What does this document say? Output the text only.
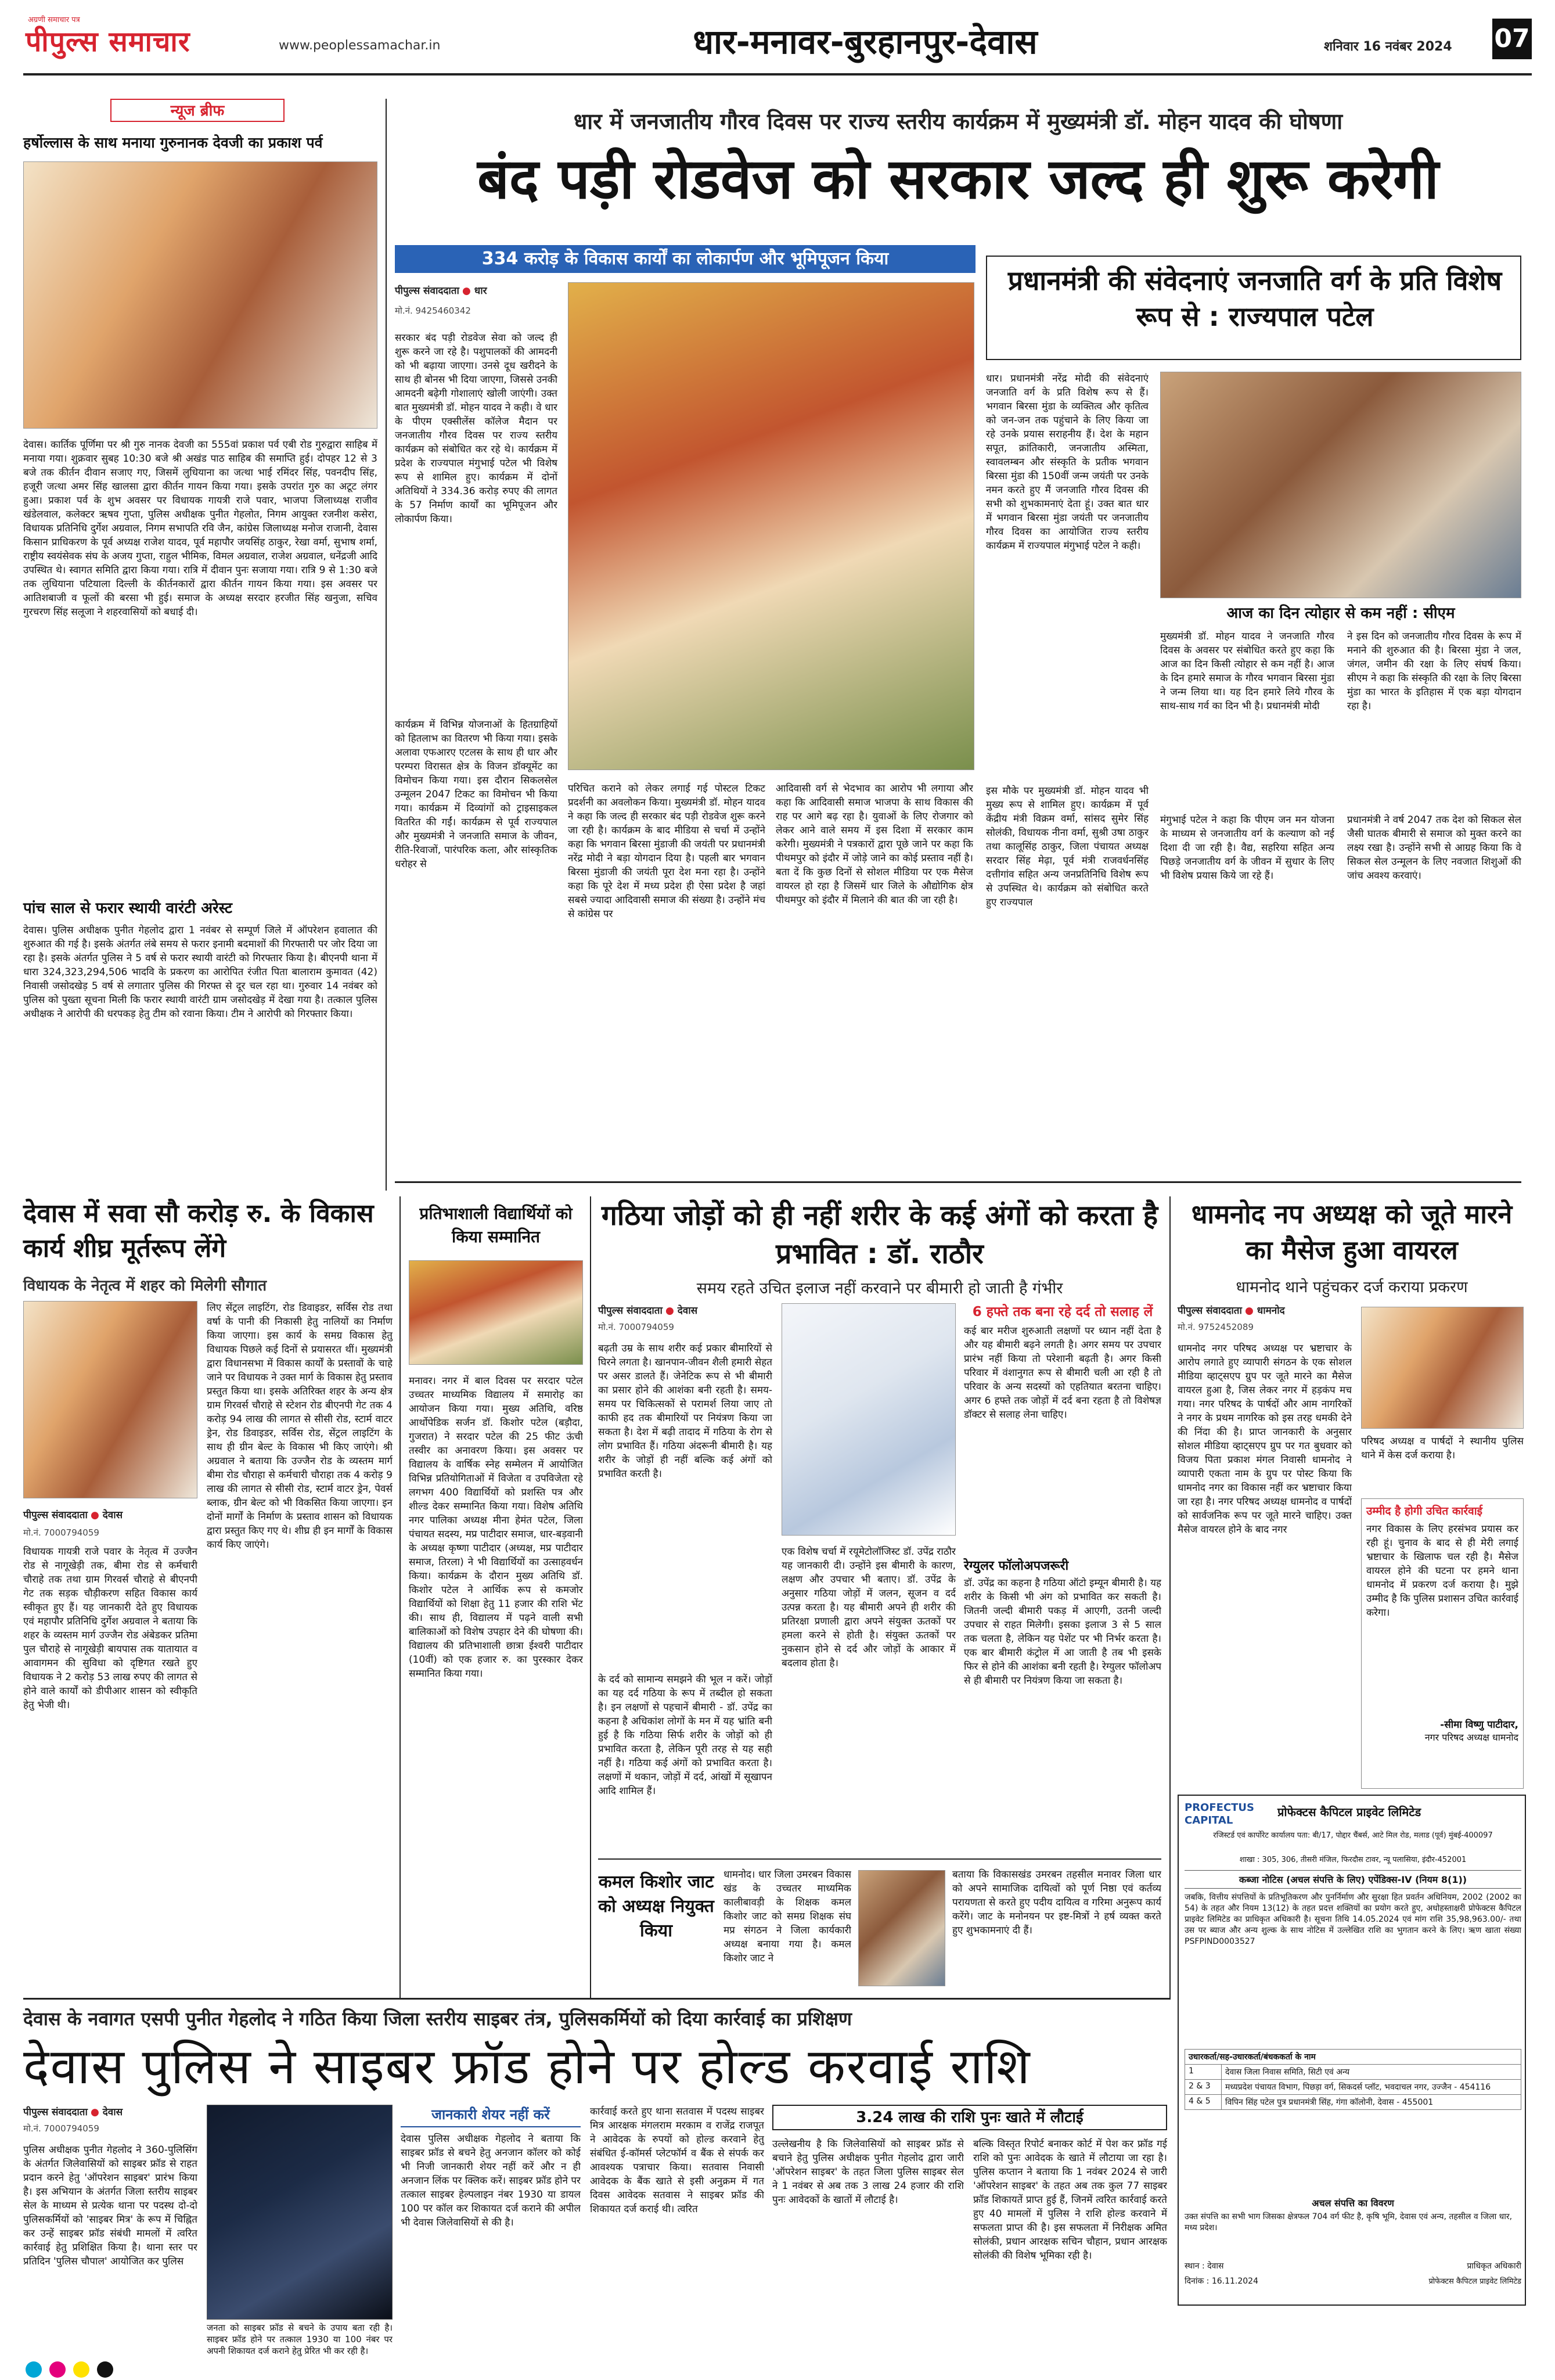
अग्रणी समाचार पत्र
पीपुल्स समाचार	www.peoplessamachar.in	धार-मनावर-बुरहानपुर-देवास	शनिवार 16 नवंबर 2024 07
न्यूज ब्रीफ
हर्षोल्लास के साथ मनाया गुरुनानक देवजी का प्रकाश पर्व
देवास। कार्तिक पूर्णिमा पर श्री गुरु नानक देवजी का 555वां प्रकाश पर्व एबी रोड गुरुद्वारा साहिब में मनाया गया। शुक्रवार सुबह 10:30 बजे श्री अखंड पाठ साहिब की समाप्ति हुई। दोपहर 12 से 3 बजे तक कीर्तन दीवान सजाए गए, जिसमें लुधियाना का जत्था भाई रमिंदर सिंह, पवनदीप सिंह, हजूरी जत्था अमर सिंह खालसा द्वारा कीर्तन गायन किया गया। इसके उपरांत गुरु का अटूट लंगर हुआ। प्रकाश पर्व के शुभ अवसर पर विधायक गायत्री राजे पवार, भाजपा जिलाध्यक्ष राजीव खंडेलवाल, कलेक्टर ऋषव गुप्ता, पुलिस अधीक्षक पुनीत गेहलोत, निगम आयुक्त रजनीश कसेरा, विधायक प्रतिनिधि दुर्गेश अग्रवाल, निगम सभापति रवि जैन, कांग्रेस जिलाध्यक्ष मनोज राजानी, देवास किसान प्राधिकरण के पूर्व अध्यक्ष राजेश यादव, पूर्व महापौर जयसिंह ठाकुर, रेखा वर्मा, सुभाष शर्मा, राष्ट्रीय स्वयंसेवक संघ के अजय गुप्ता, राहुल भीमिक, विमल अग्रवाल, राजेश अग्रवाल, धनेंद्रजी आदि उपस्थित थे। स्वागत समिति द्वारा किया गया। रात्रि में दीवान पुनः सजाया गया। रात्रि 9 से 1:30 बजे तक लुधियाना पटियाला दिल्ली के कीर्तनकारों द्वारा कीर्तन गायन किया गया। इस अवसर पर आतिशबाजी व फूलों की बरसा भी हुई। समाज के अध्यक्ष सरदार हरजीत सिंह खनुजा, सचिव गुरचरण सिंह सलूजा ने शहरवासियों को बधाई दी।
पांच साल से फरार स्थायी वारंटी अरेस्ट
देवास। पुलिस अधीक्षक पुनीत गेहलोद द्वारा 1 नवंबर से सम्पूर्ण जिले में ऑपरेशन हवालात की शुरुआत की गई है। इसके अंतर्गत लंबे समय से फरार इनामी बदमाशों की गिरफ्तारी पर जोर दिया जा रहा है। इसके अंतर्गत पुलिस ने 5 वर्ष से फरार स्थायी वारंटी को गिरफ्तार किया है। बीएनपी थाना में धारा 324,323,294,506 भादवि के प्रकरण का आरोपित रंजीत पिता बालाराम कुमावत (42) निवासी जसोदखेड़ 5 वर्ष से लगातार पुलिस की गिरफ्त से दूर चल रहा था। गुरुवार 14 नवंबर को पुलिस को पुख्ता सूचना मिली कि फरार स्थायी वारंटी ग्राम जसोदखेड़ में देखा गया है। तत्काल पुलिस अधीक्षक ने आरोपी की धरपकड़ हेतु टीम को रवाना किया। टीम ने आरोपी को गिरफ्तार किया।
धार में जनजातीय गौरव दिवस पर राज्य स्तरीय कार्यक्रम में मुख्यमंत्री डॉ. मोहन यादव की घोषणा
बंद पड़ी रोडवेज को सरकार जल्द ही शुरू करेगी
334 करोड़ के विकास कार्यों का लोकार्पण और भूमिपूजन किया
पीपुल्स संवाददाता ● धार
मो.नं. 9425460342
सरकार बंद पड़ी रोडवेज सेवा को जल्द ही शुरू करने जा रहे है। पशुपालकों की आमदनी को भी बढ़ाया जाएगा। उनसे दूध खरीदने के साथ ही बोनस भी दिया जाएगा, जिससे उनकी आमदनी बढ़ेगी गोशालाएं खोली जाएंगी। उक्त बात मुख्यमंत्री डॉ. मोहन यादव ने कही। वे धार के पीएम एक्सीलेंस कॉलेज मैदान पर जनजातीय गौरव दिवस पर राज्य स्तरीय कार्यक्रम को संबोधित कर रहे थे। कार्यक्रम में प्रदेश के राज्यपाल मंगुभाई पटेल भी विशेष रूप से शामिल हुए। कार्यक्रम में दोनों अतिथियों ने 334.36 करोड़ रुपए की लागत के 57 निर्माण कार्यों का भूमिपूजन और लोकार्पण किया।
कार्यक्रम में विभिन्न योजनाओं के हितग्राहियों को हितलाभ का वितरण भी किया गया। इसके अलावा एफआरए एटलस के साथ ही धार और परम्परा विरासत क्षेत्र के विजन डॉक्यूमेंट का विमोचन किया गया। इस दौरान सिकलसेल उन्मूलन 2047 टिकट का विमोचन भी किया गया। कार्यक्रम में दिव्यांगों को ट्राइसाइकल वितरित की गईं। कार्यक्रम से पूर्व राज्यपाल और मुख्यमंत्री ने जनजाति समाज के जीवन, रीति-रिवाजों, पारंपरिक कला, और सांस्कृतिक धरोहर से
परिचित कराने को लेकर लगाई गई पोस्टल टिकट प्रदर्शनी का अवलोकन किया। मुख्यमंत्री डॉ. मोहन यादव ने कहा कि जल्द ही सरकार बंद पड़ी रोडवेज शुरू करने जा रही है। कार्यक्रम के बाद मीडिया से चर्चा में उन्होंने कहा कि भगवान बिरसा मुंडाजी की जयंती पर प्रधानमंत्री नरेंद्र मोदी ने बड़ा योगदान दिया है। पहली बार भगवान बिरसा मुंडाजी की जयंती पूरा देश मना रहा है। उन्होंने कहा कि पूरे देश में मध्य प्रदेश ही ऐसा प्रदेश है जहां सबसे ज्यादा आदिवासी समाज की संख्या है। उन्होंने मंच से कांग्रेस पर
आदिवासी वर्ग से भेदभाव का आरोप भी लगाया और कहा कि आदिवासी समाज भाजपा के साथ विकास की राह पर आगे बढ़ रहा है। युवाओं के लिए रोजगार को लेकर आने वाले समय में इस दिशा में सरकार काम करेगी। मुख्यमंत्री ने पत्रकारों द्वारा पूछे जाने पर कहा कि पीथमपुर को इंदौर में जोड़े जाने का कोई प्रस्ताव नहीं है। बता दें कि कुछ दिनों से सोशल मीडिया पर एक मैसेज वायरल हो रहा है जिसमें धार जिले के औद्योगिक क्षेत्र पीथमपुर को इंदौर में मिलाने की बात की जा रही है।
प्रधानमंत्री की संवेदनाएं जनजाति वर्ग के प्रति विशेष रूप से : राज्यपाल पटेल
धार। प्रधानमंत्री नरेंद्र मोदी की संवेदनाएं जनजाति वर्ग के प्रति विशेष रूप से हैं। भगवान बिरसा मुंडा के व्यक्तित्व और कृतित्व को जन-जन तक पहुंचाने के लिए किया जा रहे उनके प्रयास सराहनीय हैं। देश के महान सपूत, क्रांतिकारी, जनजातीय अस्मिता, स्वावलम्बन और संस्कृति के प्रतीक भगवान बिरसा मुंडा की 150वीं जन्म जयंती पर उनके नमन करते हुए मैं जनजाति गौरव दिवस की सभी को शुभकामनाएं देता हूं। उक्त बात धार में भगवान बिरसा मुंडा जयंती पर जनजातीय गौरव दिवस का आयोजित राज्य स्तरीय कार्यक्रम में राज्यपाल मंगुभाई पटेल ने कही।
आज का दिन त्योहार से कम नहीं : सीएम
मुख्यमंत्री डॉ. मोहन यादव ने जनजाति गौरव दिवस के अवसर पर संबोधित करते हुए कहा कि आज का दिन किसी त्योहार से कम नहीं है। आज के दिन हमारे समाज के गौरव भगवान बिरसा मुंडा ने जन्म लिया था। यह दिन हमारे लिये गौरव के साथ-साथ गर्व का दिन भी है। प्रधानमंत्री मोदी
ने इस दिन को जनजातीय गौरव दिवस के रूप में मनाने की शुरुआत की है। बिरसा मुंडा ने जल, जंगल, जमीन की रक्षा के लिए संघर्ष किया। सीएम ने कहा कि संस्कृति की रक्षा के लिए बिरसा मुंडा का भारत के इतिहास में एक बड़ा योगदान रहा है।
इस मौके पर मुख्यमंत्री डॉ. मोहन यादव भी मुख्य रूप से शामिल हुए। कार्यक्रम में पूर्व केंद्रीय मंत्री विक्रम वर्मा, सांसद सुमेर सिंह सोलंकी, विधायक नीना वर्मा, सुश्री उषा ठाकुर तथा कालूसिंह ठाकुर, जिला पंचायत अध्यक्ष सरदार सिंह मेढ़ा, पूर्व मंत्री राजवर्धनसिंह दत्तीगांव सहित अन्य जनप्रतिनिधि विशेष रूप से उपस्थित थे। कार्यक्रम को संबोधित करते हुए राज्यपाल
मंगुभाई पटेल ने कहा कि पीएम जन मन योजना के माध्यम से जनजातीय वर्ग के कल्याण को नई दिशा दी जा रही है। वैद्य, सहरिया सहित अन्य पिछड़े जनजातीय वर्ग के जीवन में सुधार के लिए भी विशेष प्रयास किये जा रहे हैं।
प्रधानमंत्री ने वर्ष 2047 तक देश को सिकल सेल जैसी घातक बीमारी से समाज को मुक्त करने का लक्ष्य रखा है। उन्होंने सभी से आग्रह किया कि वे सिकल सेल उन्मूलन के लिए नवजात शिशुओं की जांच अवश्य करवाएं।
देवास में सवा सौ करोड़ रु. के विकास कार्य शीघ्र मूर्तरूप लेंगे
विधायक के नेतृत्व में शहर को मिलेगी सौगात
पीपुल्स संवाददाता ● देवास
मो.नं. 7000794059
विधायक गायत्री राजे पवार के नेतृत्व में उज्जैन रोड से नागूखेड़ी तक, बीमा रोड से कर्मचारी चौराहे तक तथा ग्राम गिरवर्स चौराहे से बीएनपी गेट तक सड़क चौड़ीकरण सहित विकास कार्य स्वीकृत हुए हैं। यह जानकारी देते हुए विधायक एवं महापौर प्रतिनिधि दुर्गेश अग्रवाल ने बताया कि शहर के व्यस्तम मार्ग उज्जैन रोड अंबेडकर प्रतिमा पुल चौराहे से नागूखेड़ी बायपास तक यातायात व आवागमन की सुविधा को दृष्टिगत रखते हुए विधायक ने 2 करोड़ 53 लाख रुपए की लागत से होने वाले कार्यों को डीपीआर शासन को स्वीकृति हेतु भेजी थी।
लिए सेंट्रल लाइटिंग, रोड डिवाइडर, सर्विस रोड तथा वर्षा के पानी की निकासी हेतु नालियों का निर्माण किया जाएगा। इस कार्य के समग्र विकास हेतु विधायक पिछले कई दिनों से प्रयासरत थीं। मुख्यमंत्री द्वारा विधानसभा में विकास कार्यों के प्रस्तावों के चाहे जाने पर विधायक ने उक्त मार्ग के विकास हेतु प्रस्ताव प्रस्तुत किया था। इसके अतिरिक्त शहर के अन्य क्षेत्र ग्राम गिरवर्स चौराहे से स्टेशन रोड बीएनपी गेट तक 4 करोड़ 94 लाख की लागत से सीसी रोड, स्टार्म वाटर ड्रेन, रोड डिवाइडर, सर्विस रोड, सेंट्रल लाइटिंग के साथ ही ग्रीन बेल्ट के विकास भी किए जाएंगे। श्री अग्रवाल ने बताया कि उज्जैन रोड के व्यस्तम मार्ग बीमा रोड चौराहा से कर्मचारी चौराहा तक 4 करोड़ 9 लाख की लागत से सीसी रोड, स्टार्म वाटर ड्रेन, पेवर्स ब्लाक, ग्रीन बेल्ट को भी विकसित किया जाएगा। इन दोनों मार्गों के निर्माण के प्रस्ताव शासन को विधायक द्वारा प्रस्तुत किए गए थे। शीघ्र ही इन मार्गों के विकास कार्य किए जाएंगे।
प्रतिभाशाली विद्यार्थियों को किया सम्मानित
मनावर। नगर में बाल दिवस पर सरदार पटेल उच्चतर माध्यमिक विद्यालय में समारोह का आयोजन किया गया। मुख्य अतिथि, वरिष्ठ आर्थोपेडिक सर्जन डॉ. किशोर पटेल (बड़ौदा, गुजरात) ने सरदार पटेल की 25 फीट ऊंची तस्वीर का अनावरण किया। इस अवसर पर विद्यालय के वार्षिक स्नेह सम्मेलन में आयोजित विभिन्न प्रतियोगिताओं में विजेता व उपविजेता रहे लगभग 400 विद्यार्थियों को प्रशस्ति पत्र और शील्ड देकर सम्मानित किया गया। विशेष अतिथि नगर पालिका अध्यक्ष मीना हेमंत पटेल, जिला पंचायत सदस्य, मप्र पाटीदार समाज, धार-बड़वानी के अध्यक्ष कृष्णा पाटीदार (अध्यक्ष, मप्र पाटीदार समाज, तिरला) ने भी विद्यार्थियों का उत्साहवर्धन किया। कार्यक्रम के दौरान मुख्य अतिथि डॉ. किशोर पटेल ने आर्थिक रूप से कमजोर विद्यार्थियों को शिक्षा हेतु 11 हजार की राशि भेंट की। साथ ही, विद्यालय में पढ़ने वाली सभी बालिकाओं को विशेष उपहार देने की घोषणा की। विद्यालय की प्रतिभाशाली छात्रा ईश्वरी पाटीदार (10वीं) को एक हजार रु. का पुरस्कार देकर सम्मानित किया गया।
गठिया जोड़ों को ही नहीं शरीर के कई अंगों को करता है प्रभावित : डॉ. राठौर
समय रहते उचित इलाज नहीं करवाने पर बीमारी हो जाती है गंभीर
पीपुल्स संवाददाता ● देवास
मो.नं. 7000794059
6 हफ्ते तक बना रहे दर्द तो सलाह लें
कई बार मरीज शुरुआती लक्षणों पर ध्यान नहीं देता है और यह बीमारी बढ़ने लगती है। अगर समय पर उपचार प्रारंभ नहीं किया तो परेशानी बढ़ती है। अगर किसी परिवार में वंशानुगत रूप से बीमारी चली आ रही है तो परिवार के अन्य सदस्यों को एहतियात बरतना चाहिए। अगर 6 हफ्ते तक जोड़ों में दर्द बना रहता है तो विशेषज्ञ डॉक्टर से सलाह लेना चाहिए।
बढ़ती उम्र के साथ शरीर कई प्रकार बीमारियों से घिरने लगता है। खानपान-जीवन शैली हमारी सेहत पर असर डालते हैं। जेनेटिक रूप से भी बीमारी का प्रसार होने की आशंका बनी रहती है। समय-समय पर चिकित्सकों से परामर्श लिया जाए तो काफी हद तक बीमारियों पर नियंत्रण किया जा सकता है। देश में बढ़ी तादाद में गठिया के रोग से लोग प्रभावित हैं। गठिया अंदरूनी बीमारी है। यह शरीर के जोड़ों ही नहीं बल्कि कई अंगों को प्रभावित करती है।
एक विशेष चर्चा में रयूमेटोलॉजिस्ट डॉ. उपेंद्र राठौर यह जानकारी दी। उन्होंने इस बीमारी के कारण, लक्षण और उपचार भी बताए। डॉ. उपेंद्र के अनुसार गठिया जोड़ों में जलन, सूजन व दर्द उत्पन्न करता है। यह बीमारी अपने ही शरीर की प्रतिरक्षा प्रणाली द्वारा अपने संयुक्त ऊतकों पर हमला करने से होती है। संयुक्त ऊतकों पर नुकसान होने से दर्द और जोड़ों के आकार में बदलाव होता है।
के दर्द को सामान्य समझने की भूल न करें। जोड़ों का यह दर्द गठिया के रूप में तब्दील हो सकता है। इन लक्षणों से पहचानें बीमारी - डॉ. उपेंद्र का कहना है अधिकांश लोगों के मन में यह भ्रांति बनी हुई है कि गठिया सिर्फ शरीर के जोड़ों को ही प्रभावित करता है, लेकिन पूरी तरह से यह सही नहीं है। गठिया कई अंगों को प्रभावित करता है। लक्षणों में थकान, जोड़ों में दर्द, आंखों में सूखापन आदि शामिल हैं।
रेग्युलर फॉलोअपजरूरी
डॉ. उपेंद्र का कहना है गठिया ऑटो इम्यून बीमारी है। यह शरीर के किसी भी अंग को प्रभावित कर सकती है। जितनी जल्दी बीमारी पकड़ में आएगी, उतनी जल्दी उपचार से राहत मिलेगी। इसका इलाज 3 से 5 साल तक चलता है, लेकिन यह पेशेंट पर भी निर्भर करता है। एक बार बीमारी कंट्रोल में आ जाती है तब भी इसके फिर से होने की आशंका बनी रहती है। रेग्युलर फॉलोअप से ही बीमारी पर नियंत्रण किया जा सकता है।
कमल किशोर जाट को अध्यक्ष नियुक्त किया
धामनोद। धार जिला उमरबन विकास खंड के उच्चतर माध्यमिक कालीबावड़ी के शिक्षक कमल किशोर जाट को समग्र शिक्षक संघ मप्र संगठन ने जिला कार्यकारी अध्यक्ष बनाया गया है। कमल किशोर जाट ने
बताया कि विकासखंड उमरबन तहसील मनावर जिला धार को अपने सामाजिक दायित्वों को पूर्ण निष्ठा एवं कर्तव्य परायणता से करते हुए पदीय दायित्व व गरिमा अनुरूप कार्य करेंगे। जाट के मनोनयन पर इष्ट-मित्रों ने हर्ष व्यक्त करते हुए शुभकामनाएं दी हैं।
धामनोद नप अध्यक्ष को जूते मारने का मैसेज हुआ वायरल
धामनोद थाने पहुंचकर दर्ज कराया प्रकरण
पीपुल्स संवाददाता ● धामनोद
मो.नं. 9752452089
धामनोद नगर परिषद अध्यक्ष पर भ्रष्टाचार के आरोप लगाते हुए व्यापारी संगठन के एक सोशल मीडिया व्हाट्सएप ग्रुप पर जूते मारने का मैसेज वायरल हुआ है, जिस लेकर नगर में हड़कंप मच गया। नगर परिषद के पार्षदों और आम नागरिकों ने नगर के प्रथम नागरिक को इस तरह धमकी देने की निंदा की है। प्राप्त जानकारी के अनुसार सोशल मीडिया व्हाट्सएप ग्रुप पर गत बुधवार को विजय पिता प्रकाश मंगल निवासी धामनोद ने व्यापारी एकता नाम के ग्रुप पर पोस्ट किया कि धामनोद नगर का विकास नहीं कर भ्रष्टाचार किया जा रहा है। नगर परिषद अध्यक्ष धामनोद व पार्षदों को सार्वजनिक रूप पर जूते मारने चाहिए। उक्त मैसेज वायरल होने के बाद नगर
परिषद अध्यक्ष व पार्षदों ने स्थानीय पुलिस थाने में केस दर्ज कराया है।
उम्मीद है होगी उचित कार्रवाई
नगर विकास के लिए हरसंभव प्रयास कर रही हूं। चुनाव के बाद से ही मेरी लगाई भ्रष्टाचार के खिलाफ चल रही है। मैसेज वायरल होने की घटना पर हमने थाना धामनोद में प्रकरण दर्ज कराया है। मुझे उम्मीद है कि पुलिस प्रशासन उचित कार्रवाई करेगा।
-सीमा विष्णु पाटीदार,
नगर परिषद अध्यक्ष धामनोद
PROFECTUS CAPITAL
प्रोफेक्टस कैपिटल प्राइवेट लिमिटेड
रजिस्टर्ड एवं कार्पोरेट कार्यालय पता: बी/17, पोद्दार चैंबर्स, आटे मिल रोड, मलाड (पूर्व) मुंबई-400097
शाखा : 305, 306, तीसरी मंजिल, फिरदौस टावर, न्यू पलासिया, इंदौर-452001
कब्जा नोटिस (अचल संपत्ति के लिए) एपेंडिक्स-IV (नियम 8(1))
जबकि, वित्तीय संपत्तियों के प्रतिभूतिकरण और पुनर्निर्माण और सुरक्षा हित प्रवर्तन अधिनियम, 2002 (2002 का 54) के तहत और नियम 13(12) के तहत प्रदत्त शक्तियों का प्रयोग करते हुए, अधोहस्ताक्षरी प्रोफेक्टस कैपिटल प्राइवेट लिमिटेड का प्राधिकृत अधिकारी है। सूचना तिथि 14.05.2024 एवं मांग राशि 35,98,963.00/- तथा उस पर ब्याज और अन्य शुल्क के साथ नोटिस में उल्लेखित राशि का भुगतान करने के लिए। ऋण खाता संख्या PSFPIND0003527
उधारकर्ता/सह-उधारकर्ता/बंधककर्ता के नाम	
1	देवास जिला निवास समिति, सिटी एवं अन्य
2 & 3	मध्यप्रदेश पंचायत विभाग, पिछड़ा वर्ग, सिकदर्स प्लॉट, भवदाचल नगर, उज्जैन - 454116
4 & 5	विपिन सिंह पटेल पुत्र प्रधानमंत्री सिंह, गंगा कॉलोनी, देवास - 455001
अचल संपत्ति का विवरण
उक्त संपत्ति का सभी भाग जिसका क्षेत्रफल 704 वर्ग फीट है, कृषि भूमि, देवास एवं अन्य, तहसील व जिला धार, मध्य प्रदेश।
स्थान : देवास
दिनांक : 16.11.2024
प्राधिकृत अधिकारी
प्रोफेक्टस कैपिटल प्राइवेट लिमिटेड
देवास के नवागत एसपी पुनीत गेहलोद ने गठित किया जिला स्तरीय साइबर तंत्र, पुलिसकर्मियों को दिया कार्रवाई का प्रशिक्षण
देवास पुलिस ने साइबर फ्रॉड होने पर होल्ड करवाई राशि
पीपुल्स संवाददाता ● देवास
मो.नं. 7000794059
पुलिस अधीक्षक पुनीत गेहलोद ने 360-पुलिसिंग के अंतर्गत जिलेवासियों को साइबर फ्रॉड से राहत प्रदान करने हेतु 'ऑपरेशन साइबर' प्रारंभ किया है। इस अभियान के अंतर्गत जिला स्तरीय साइबर सेल के माध्यम से प्रत्येक थाना पर पदस्थ दो-दो पुलिसकर्मियों को 'साइबर मित्र' के रूप में चिह्नित कर उन्हें साइबर फ्रॉड संबंधी मामलों में त्वरित कार्रवाई हेतु प्रशिक्षित किया है। थाना स्तर पर प्रतिदिन 'पुलिस चौपाल' आयोजित कर पुलिस
जनता को साइबर फ्रॉड से बचने के उपाय बता रही है। साइबर फ्रॉड होने पर तत्काल 1930 या 100 नंबर पर अपनी शिकायत दर्ज कराने हेतु प्रेरित भी कर रही है।
जानकारी शेयर नहीं करें
देवास पुलिस अधीक्षक गेहलोद ने बताया कि साइबर फ्रॉड से बचने हेतु अनजान कॉलर को कोई भी निजी जानकारी शेयर नहीं करें और न ही अनजान लिंक पर क्लिक करें। साइबर फ्रॉड होने पर तत्काल साइबर हेल्पलाइन नंबर 1930 या डायल 100 पर कॉल कर शिकायत दर्ज कराने की अपील भी देवास जिलेवासियों से की है।
कार्रवाई करते हुए थाना सतवास में पदस्थ साइबर मित्र आरक्षक मंगलराम मरकाम व राजेंद्र राजपूत ने आवेदक के रुपयों को होल्ड करवाने हेतु संबंधित ई-कॉमर्स प्लेटफॉर्म व बैंक से संपर्क कर आवश्यक पत्राचार किया। सतवास निवासी आवेदक के बैंक खाते से इसी अनुक्रम में गत दिवस आवेदक सतवास ने साइबर फ्रॉड की शिकायत दर्ज कराई थी। त्वरित
3.24 लाख की राशि पुनः खाते में लौटाई
उल्लेखनीय है कि जिलेवासियों को साइबर फ्रॉड से बचाने हेतु पुलिस अधीक्षक पुनीत गेहलोद द्वारा जारी 'ऑपरेशन साइबर' के तहत जिला पुलिस साइबर सेल ने 1 नवंबर से अब तक 3 लाख 24 हजार की राशि पुनः आवेदकों के खातों में लौटाई है।
बल्कि विस्तृत रिपोर्ट बनाकर कोर्ट में पेश कर फ्रॉड गई राशि को पुनः आवेदक के खाते में लौटाया जा रहा है। पुलिस कप्तान ने बताया कि 1 नवंबर 2024 से जारी 'ऑपरेशन साइबर' के तहत अब तक कुल 77 साइबर फ्रॉड शिकायतें प्राप्त हुई हैं, जिनमें त्वरित कार्रवाई करते हुए 40 मामलों में पुलिस ने राशि होल्ड करवाने में सफलता प्राप्त की है। इस सफलता में निरीक्षक अमित सोलंकी, प्रधान आरक्षक सचिन चौहान, प्रधान आरक्षक सोलंकी की विशेष भूमिका रही है।
